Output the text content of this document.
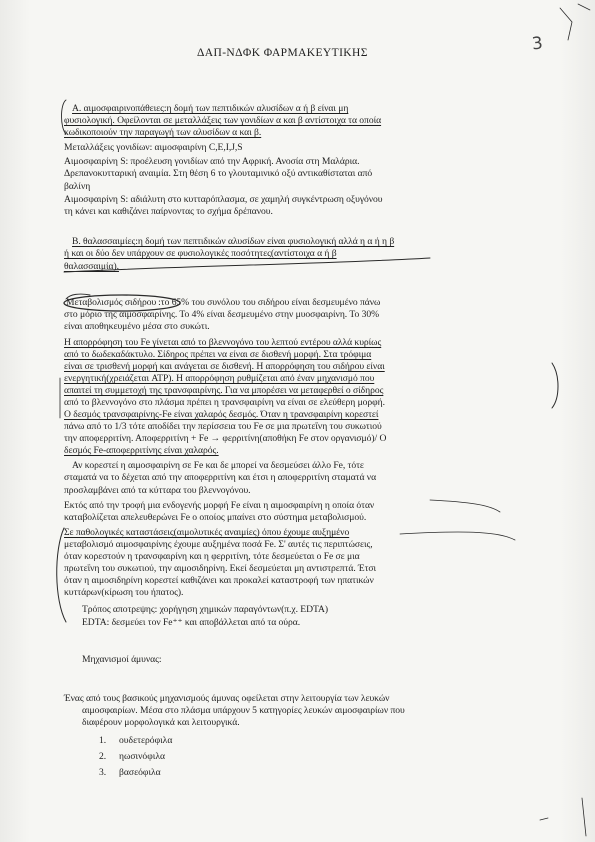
3
ΔΑΠ-ΝΔΦΚ ΦΑΡΜΑΚΕΥΤΙΚΗΣ
Α. αιμοσφαιρινοπάθειες:η δομή των πεπτιδικών αλυσίδων α ή β είναι μη
φυσιολογική. Οφείλονται σε μεταλλάξεις των γονιδίων α και β αντίστοιχα τα οποία
κωδικοποιούν την παραγωγή των αλυσίδων α και β.
Μεταλλάξεις γονιδίων: αιμοσφαιρίνη C,E,I,J,S
Αιμοσφαιρίνη S: προέλευση γονιδίων από την Αφρική. Ανοσία στη Μαλάρια.
Δρεπανοκυτταρική αναιμία. Στη θέση 6 το γλουταμινικό οξύ αντικαθίσταται από
βαλίνη
Αιμοσφαιρίνη S: αδιάλυτη στο κυτταρόπλασμα, σε χαμηλή συγκέντρωση οξυγόνου
τη κάνει και καθιζάνει παίρνοντας το σχήμα δρέπανου.
Β. θαλασσαιμίες:η δομή των πεπτιδικών αλυσίδων είναι φυσιολογική αλλά η α ή η β
ή και οι δύο δεν υπάρχουν σε φυσιολογικές ποσότητες(αντίστοιχα α ή β
θαλασσαιμία).
Μεταβολισμός σιδήρου :το 65% του συνόλου του σιδήρου είναι δεσμευμένο πάνω
στο μόριο της αιμοσφαιρίνης. Το 4% είναι δεσμευμένο στην μυοσφαιρίνη. Το 30%
είναι αποθηκευμένο μέσα στο συκώτι.
Η απορρόφηση του Fe γίνεται από το βλεννογόνο του λεπτού εντέρου αλλά κυρίως
από το δωδεκαδάκτυλο. Σίδηρος πρέπει να είναι σε δισθενή μορφή. Στα τρόφιμα
είναι σε τρισθενή μορφή και ανάγεται σε δισθενή. Η απορρόφηση του σιδήρου είναι
ενεργητική(χρειάζεται ATP). Η απορρόφηση ρυθμίζεται από έναν μηχανισμό που
απαιτεί τη συμμετοχή της τρανσφαιρίνης. Για να μπορέσει να μεταφερθεί ο σίδηρος
από το βλεννογόνο στο πλάσμα πρέπει η τρανσφαιρίνη να είναι σε ελεύθερη μορφή.
Ο δεσμός τρανσφαιρίνης-Fe είναι χαλαρός δεσμός. Όταν η τρανσφαιρίνη κορεστεί
πάνω από το 1/3 τότε αποδίδει την περίσσεια του Fe σε μια πρωτεΐνη του συκωτιού
την αποφερριτίνη. Αποφερριτίνη + Fe → φερριτίνη(αποθήκη Fe στον οργανισμό)/ Ο
δεσμός Fe-αποφερριτίνης είναι χαλαρός.
Αν κορεστεί η αιμοσφαιρίνη σε Fe και δε μπορεί να δεσμεύσει άλλο Fe, τότε
σταματά να το δέχεται από την αποφερριτίνη και έτσι η αποφερριτίνη σταματά να
προσλαμβάνει από τα κύτταρα του βλεννογόνου.
Εκτός από την τροφή μια ενδογενής μορφή Fe είναι η αιμοσφαιρίνη η οποία όταν
καταβολίζεται απελευθερώνει Fe ο οποίος μπαίνει στο σύστημα μεταβολισμού.
Σε παθολογικές καταστάσεις(αιμολυτικές αναιμίες) όπου έχουμε αυξημένο
μεταβολισμό αιμοσφαιρίνης έχουμε αυξημένα ποσά Fe. Σ' αυτές τις περιπτώσεις,
όταν κορεστούν η τρανσφαιρίνη και η φερριτίνη, τότε δεσμεύεται ο Fe σε μια
πρωτεΐνη του συκωτιού, την αιμοσιδηρίνη. Εκεί δεσμεύεται μη αντιστρεπτά. Έτσι
όταν η αιμοσιδηρίνη κορεστεί καθιζάνει και προκαλεί καταστροφή των ηπατικών
κυττάρων(κίρωση του ήπατος).
Τρόπος αποτρεψης: χορήγηση χημικών παραγόντων(π.χ. EDTA)
EDTA: δεσμεύει τον Fe⁺⁺ και αποβάλλεται από τα ούρα.
Μηχανισμοί άμυνας:
Ένας από τους βασικούς μηχανισμούς άμυνας οφείλεται στην λειτουργία των λευκών
αιμοσφαιρίων. Μέσα στο πλάσμα υπάρχουν 5 κατηγορίες λευκών αιμοσφαιρίων που
διαφέρουν μορφολογικά και λειτουργικά.
1. ουδετερόφιλα
2. ηωσινόφιλα
3. βασεόφιλα
